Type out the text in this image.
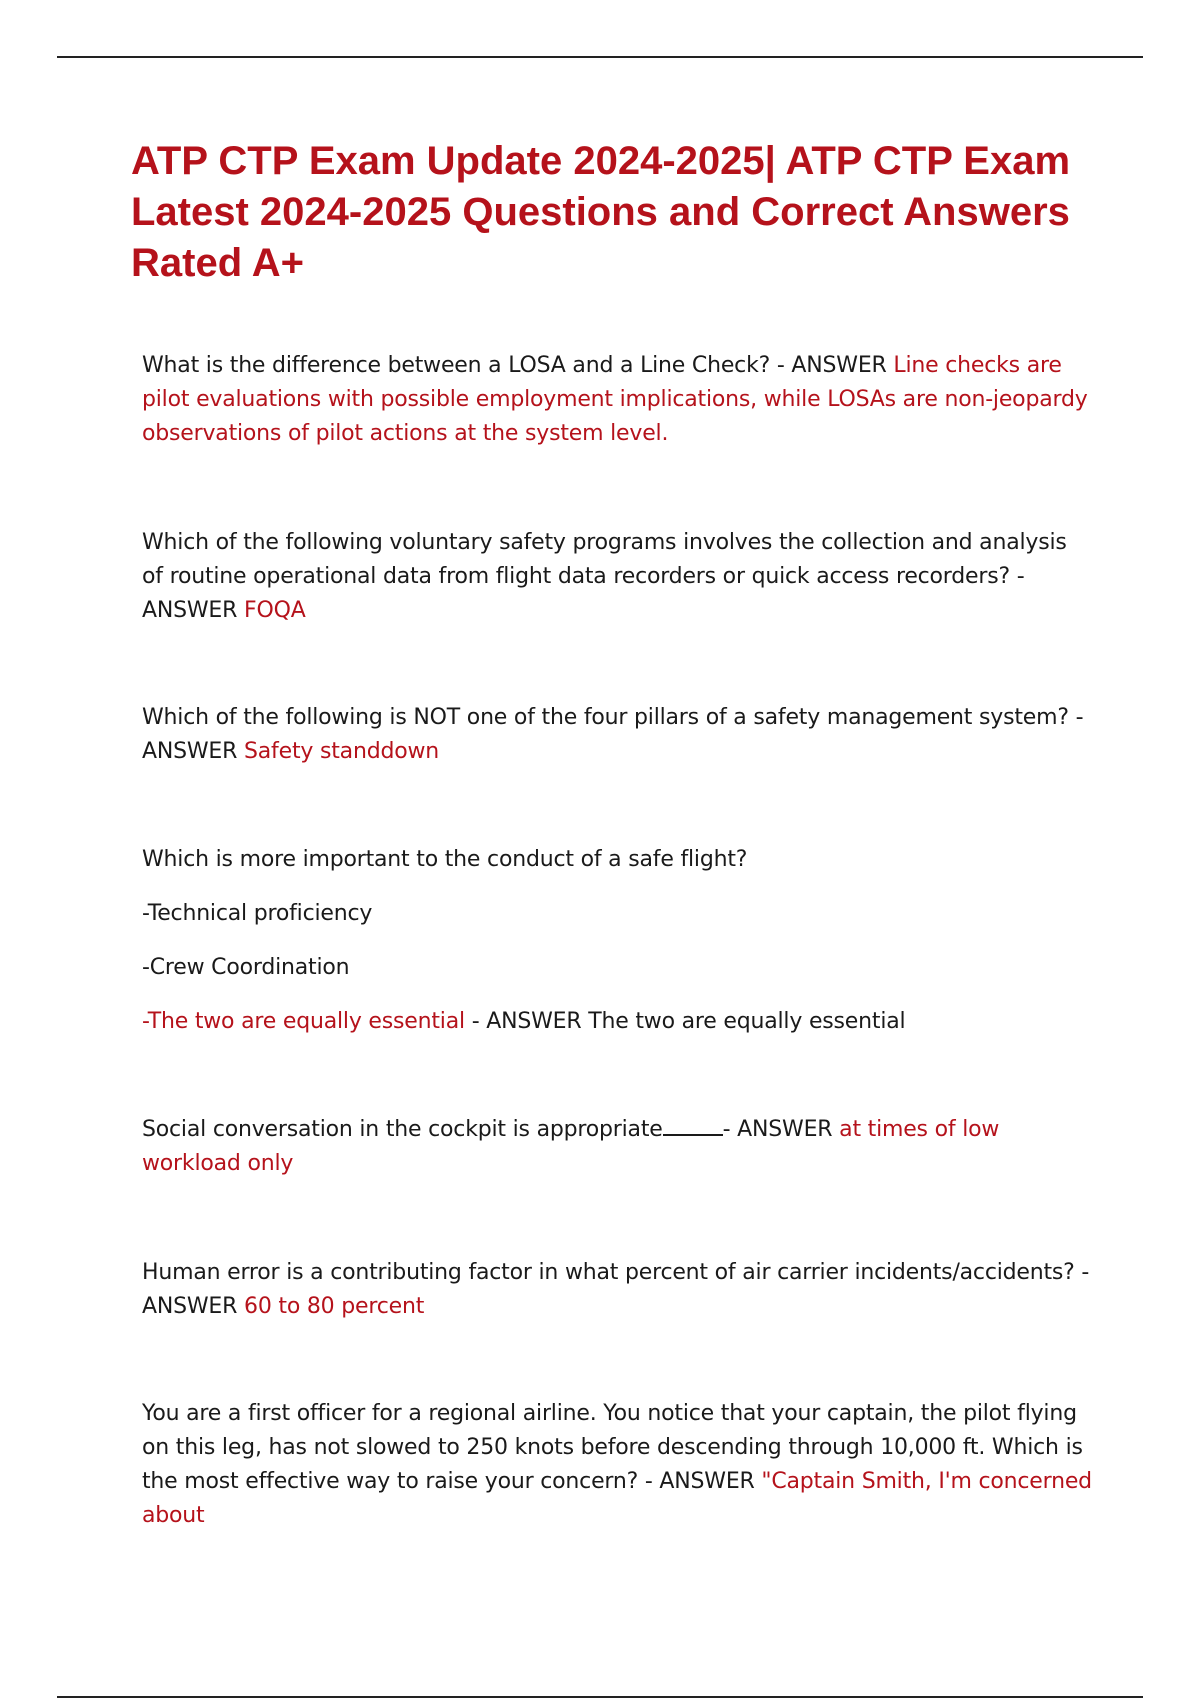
ATP CTP Exam Update 2024-2025| ATP CTP Exam Latest 2024-2025 Questions and Correct Answers Rated A+

What is the difference between a LOSA and a Line Check? - ANSWER Line checks are pilot evaluations with possible employment implications, while LOSAs are non-jeopardy observations of pilot actions at the system level.

Which of the following voluntary safety programs involves the collection and analysis of routine operational data from flight data recorders or quick access recorders? - ANSWER FOQA

Which of the following is NOT one of the four pillars of a safety management system? -ANSWER Safety standdown

Which is more important to the conduct of a safe flight?

-Technical proficiency

-Crew Coordination

-The two are equally essential - ANSWER The two are equally essential

Social conversation in the cockpit is appropriate	- ANSWER at times of low workload only

Human error is a contributing factor in what percent of air carrier incidents/accidents? -ANSWER 60 to 80 percent

You are a first officer for a regional airline. You notice that your captain, the pilot flying on this leg, has not slowed to 250 knots before descending through 10,000 ft. Which is the most effective way to raise your concern? - ANSWER "Captain Smith, I'm concerned about
